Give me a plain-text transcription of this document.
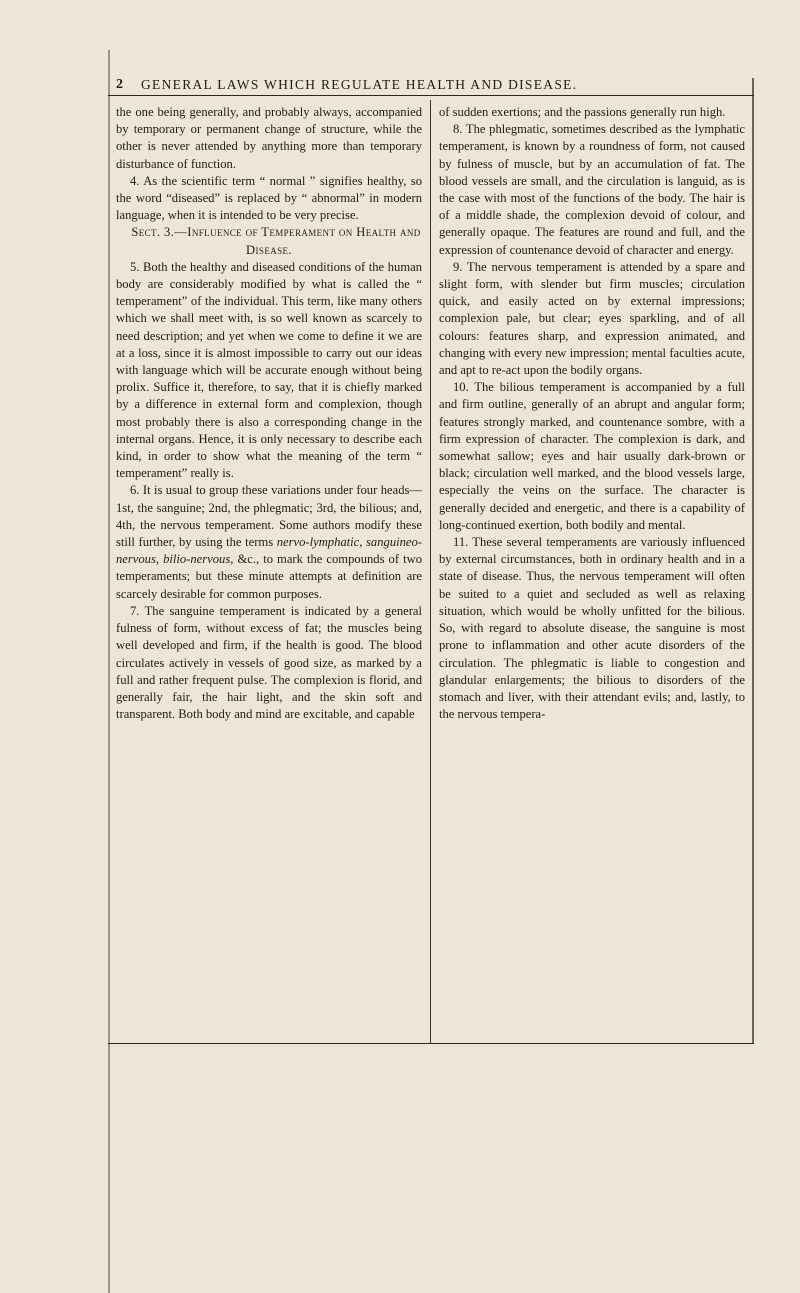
2 GENERAL LAWS WHICH REGULATE HEALTH AND DISEASE.

the one being generally, and probably always, accompanied by temporary or permanent change of structure, while the other is never attended by anything more than temporary disturbance of function.

4. As the scientific term “ normal ” signifies healthy, so the word “diseased” is replaced by “ abnormal” in modern language, when it is intended to be very precise.

Sect. 3.—Influence of Temperament on Health and Disease.

5. Both the healthy and diseased conditions of the human body are considerably modified by what is called the “ temperament” of the individual. This term, like many others which we shall meet with, is so well known as scarcely to need description; and yet when we come to define it we are at a loss, since it is almost impossible to carry out our ideas with language which will be accurate enough without being prolix. Suffice it, therefore, to say, that it is chiefly marked by a difference in external form and complexion, though most probably there is also a corresponding change in the internal organs. Hence, it is only necessary to describe each kind, in order to show what the meaning of the term “ temperament” really is.

6. It is usual to group these variations under four heads—1st, the sanguine; 2nd, the phlegmatic; 3rd, the bilious; and, 4th, the nervous temperament. Some authors modify these still further, by using the terms nervo-lymphatic, sanguineo-nervous, bilio-nervous, &c., to mark the compounds of two temperaments; but these minute attempts at definition are scarcely desirable for common purposes.

7. The sanguine temperament is indicated by a general fulness of form, without excess of fat; the muscles being well developed and firm, if the health is good. The blood circulates actively in vessels of good size, as marked by a full and rather frequent pulse. The complexion is florid, and generally fair, the hair light, and the skin soft and transparent. Both body and mind are excitable, and capable

of sudden exertions; and the passions generally run high.

8. The phlegmatic, sometimes described as the lymphatic temperament, is known by a roundness of form, not caused by fulness of muscle, but by an accumulation of fat. The blood vessels are small, and the circulation is languid, as is the case with most of the functions of the body. The hair is of a middle shade, the complexion devoid of colour, and generally opaque. The features are round and full, and the expression of countenance devoid of character and energy.

9. The nervous temperament is attended by a spare and slight form, with slender but firm muscles; circulation quick, and easily acted on by external impressions; complexion pale, but clear; eyes sparkling, and of all colours: features sharp, and expression animated, and changing with every new impression; mental faculties acute, and apt to re-act upon the bodily organs.

10. The bilious temperament is accompanied by a full and firm outline, generally of an abrupt and angular form; features strongly marked, and countenance sombre, with a firm expression of character. The complexion is dark, and somewhat sallow; eyes and hair usually dark-brown or black; circulation well marked, and the blood vessels large, especially the veins on the surface. The character is generally decided and energetic, and there is a capability of long-continued exertion, both bodily and mental.

11. These several temperaments are variously influenced by external circumstances, both in ordinary health and in a state of disease. Thus, the nervous temperament will often be suited to a quiet and secluded as well as relaxing situation, which would be wholly unfitted for the bilious. So, with regard to absolute disease, the sanguine is most prone to inflammation and other acute disorders of the circulation. The phlegmatic is liable to congestion and glandular enlargements; the bilious to disorders of the stomach and liver, with their attendant evils; and, lastly, to the nervous tempera-
